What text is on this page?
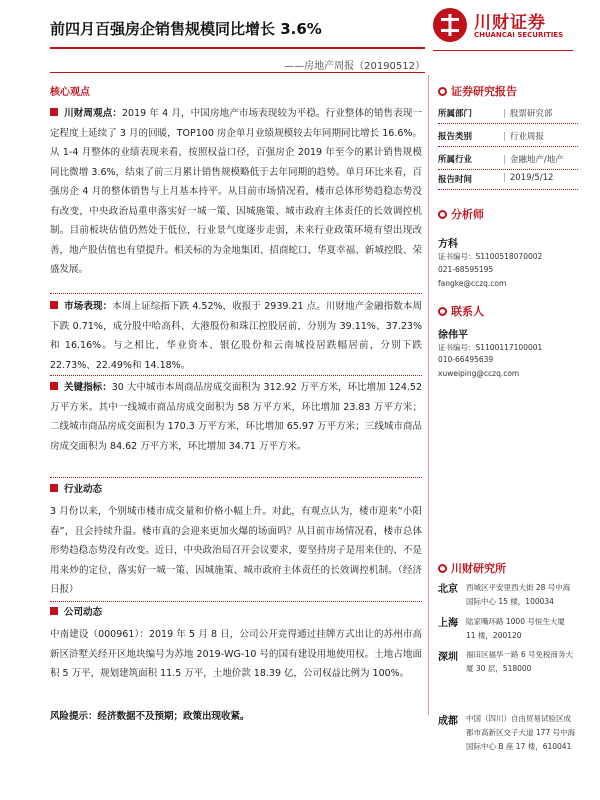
前四月百强房企销售规模同比增长 3.6%
——房地产周报（20190512）
川财证券
CHUANCAI SECURITIES
核心观点
川财周观点：2019 年 4 月，中国房地产市场表现较为平稳。行业整体的销售表现一定程度上延续了 3 月的回暖，TOP100 房企单月业绩规模较去年同期同比增长 16.6%。从 1-4 月整体的业绩表现来看，按照权益口径，百强房企 2019 年至今的累计销售规模同比微增 3.6%，结束了前三月累计销售规模略低于去年同期的趋势。单月环比来看，百强房企 4 月的整体销售与上月基本持平。从目前市场情况看，楼市总体形势趋稳态势没有改变，中央政治局重申落实好一城一策、因城施策、城市政府主体责任的长效调控机制。目前板块估值仍然处于低位，行业景气度逐步走弱，未来行业政策环境有望出现改善，地产股估值也有望提升。相关标的为金地集团、招商蛇口、华夏幸福、新城控股、荣盛发展。
市场表现：本周上证综指下跌 4.52%，收报于 2939.21 点。川财地产金融指数本周下跌 0.71%，成分股中哈高科、大港股份和珠江控股居前，分别为 39.11%、37.23%和 16.16%。与之相比，华业资本、银亿股份和云南城投居跌幅居前，分别下跌 22.73%、22.49%和 14.18%。
关键指标：30 大中城市本周商品房成交面积为 312.92 万平方米，环比增加 124.52 万平方米。其中一线城市商品房成交面积为 58 万平方米，环比增加 23.83 万平方米；二线城市商品房成交面积为 170.3 万平方米，环比增加 65.97 万平方米；三线城市商品房成交面积为 84.62 万平方米，环比增加 34.71 万平方米。
行业动态
3 月份以来，个别城市楼市成交量和价格小幅上升。对此，有观点认为，楼市迎来“小阳春”，且会持续升温。楼市真的会迎来更加火爆的场面吗？从目前市场情况看，楼市总体形势趋稳态势没有改变。近日，中央政治局召开会议要求，要坚持房子是用来住的、不是用来炒的定位，落实好一城一策、因城施策、城市政府主体责任的长效调控机制。（经济日报）
公司动态
中南建设（000961）：2019 年 5 月 8 日，公司公开竞得通过挂牌方式出让的苏州市高新区浒墅关经开区地块编号为苏地 2019-WG-10 号的国有建设用地使用权。土地占地面积 5 万平，规划建筑面积 11.5 万平，土地价款 18.39 亿，公司权益比例为 100%。
风险提示：经济数据不及预期；政策出现收紧。
证券研究报告
所属部门	| 股票研究部
报告类别	| 行业周报
所属行业	| 金融地产/地产
报告时间	| 2019/5/12
分析师
方科
证书编号：S1100518070002
021-68595195
fangke@cczq.com
联系人
徐伟平
证书编号：S1100117100001
010-66495639
xuweiping@cczq.com
川财研究所
北京 西城区平安里西大街 28 号中海国际中心 15 楼，100034
上海 陆家嘴环路 1000 号恒生大厦 11 楼，200120
深圳 福田区福华一路 6 号免税商务大厦 30 层，518000
成都 中国（四川）自由贸易试验区成都市高新区交子大道 177 号中海国际中心 B 座 17 楼，610041
